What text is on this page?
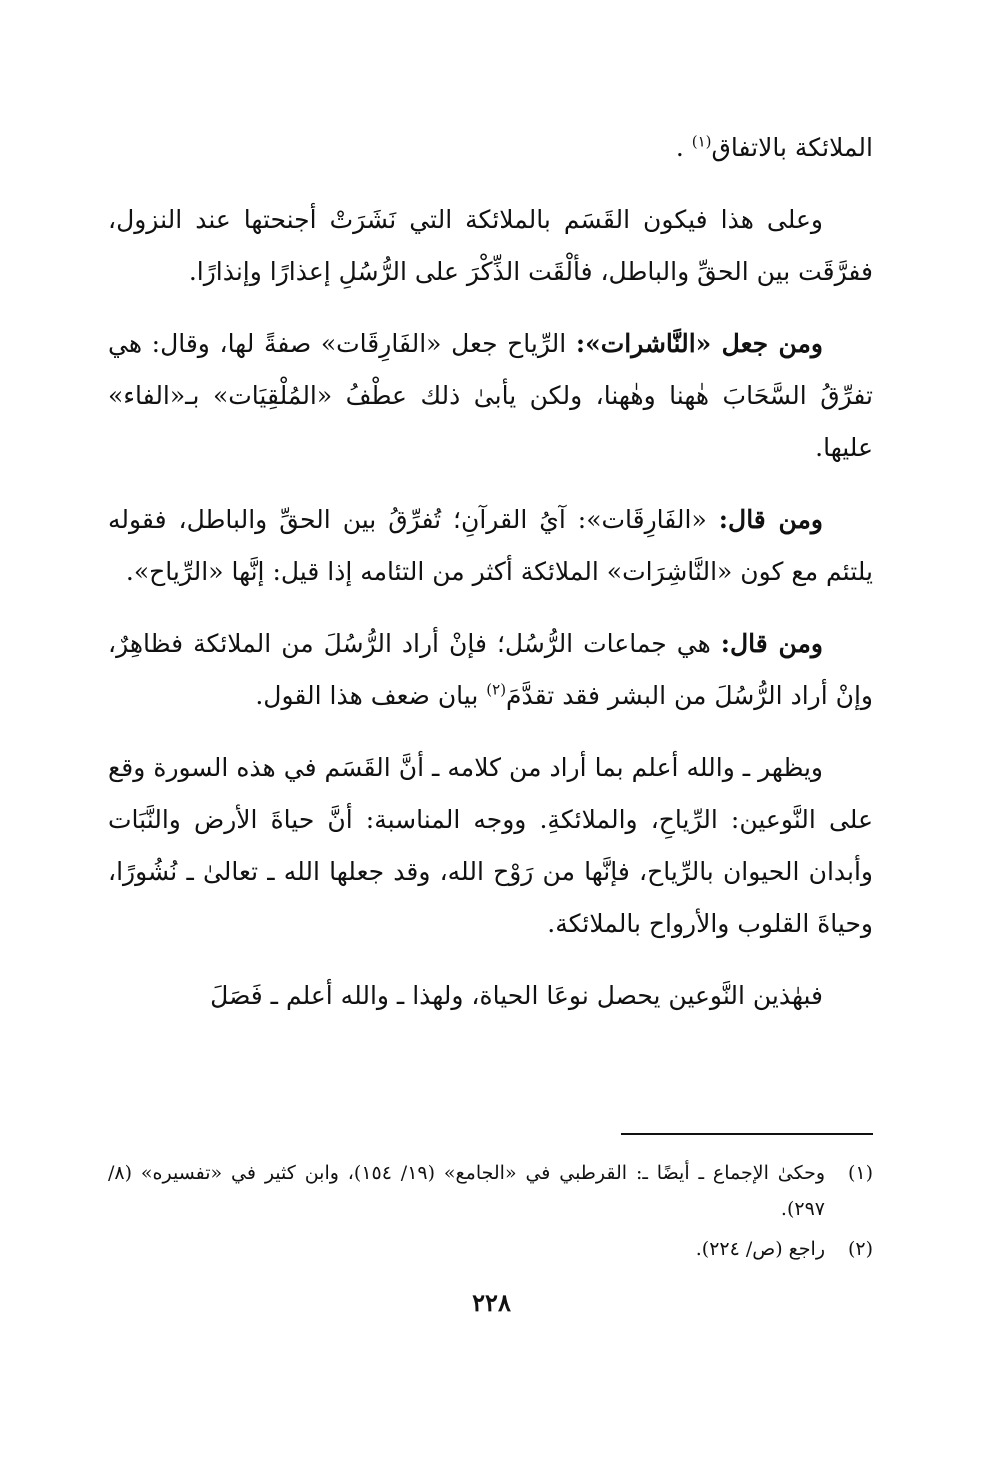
الملائكة بالاتفاق$^{(١)}$ .

وعلى هذا فيكون القَسَم بالملائكة التي نَشَرَتْ أجنحتها عند النزول، ففرَّقَت بين الحقِّ والباطل، فألْقَت الذِّكْرَ على الرُّسُلِ إعذارًا وإنذارًا.

ومن جعل «النَّاشرات»: الرِّياح جعل «الفَارِقَات» صفةً لها، وقال: هي تفرِّقُ السَّحَابَ هٰهنا وهٰهنا، ولكن يأبىٰ ذلك عطْفُ «المُلْقِيَات» بـ«الفاء» عليها.

ومن قال: «الفَارِقَات»: آيُ القرآنِ؛ تُفرِّقُ بين الحقِّ والباطل، فقوله يلتئم مع كون «النَّاشِرَات» الملائكة أكثر من التئامه إذا قيل: إنَّها «الرِّياح».

ومن قال: هي جماعات الرُّسُل؛ فإنْ أراد الرُّسُلَ من الملائكة فظاهِرٌ، وإنْ أراد الرُّسُلَ من البشر فقد تقدَّمَ$^{(٢)}$ بيان ضعف هذا القول.

ويظهر ـ والله أعلم بما أراد من كلامه ـ أنَّ القَسَم في هذه السورة وقع على النَّوعين: الرِّياحِ، والملائكةِ. ووجه المناسبة: أنَّ حياةَ الأرض والنَّبَات وأبدان الحيوان بالرِّياح، فإنَّها من رَوْح الله، وقد جعلها الله ـ تعالىٰ ـ نُشُورًا، وحياةَ القلوب والأرواح بالملائكة.

فبهٰذين النَّوعين يحصل نوعَا الحياة، ولهذا ـ والله أعلم ـ فَصَلَ

(١)
وحكىٰ الإجماع ـ أيضًا ـ: القرطبي في «الجامع» (١٩/ ١٥٤)، وابن كثير في «تفسيره» (٨/ ٢٩٧).
(٢)
راجع (ص/ ٢٢٤).
٢٢٨
